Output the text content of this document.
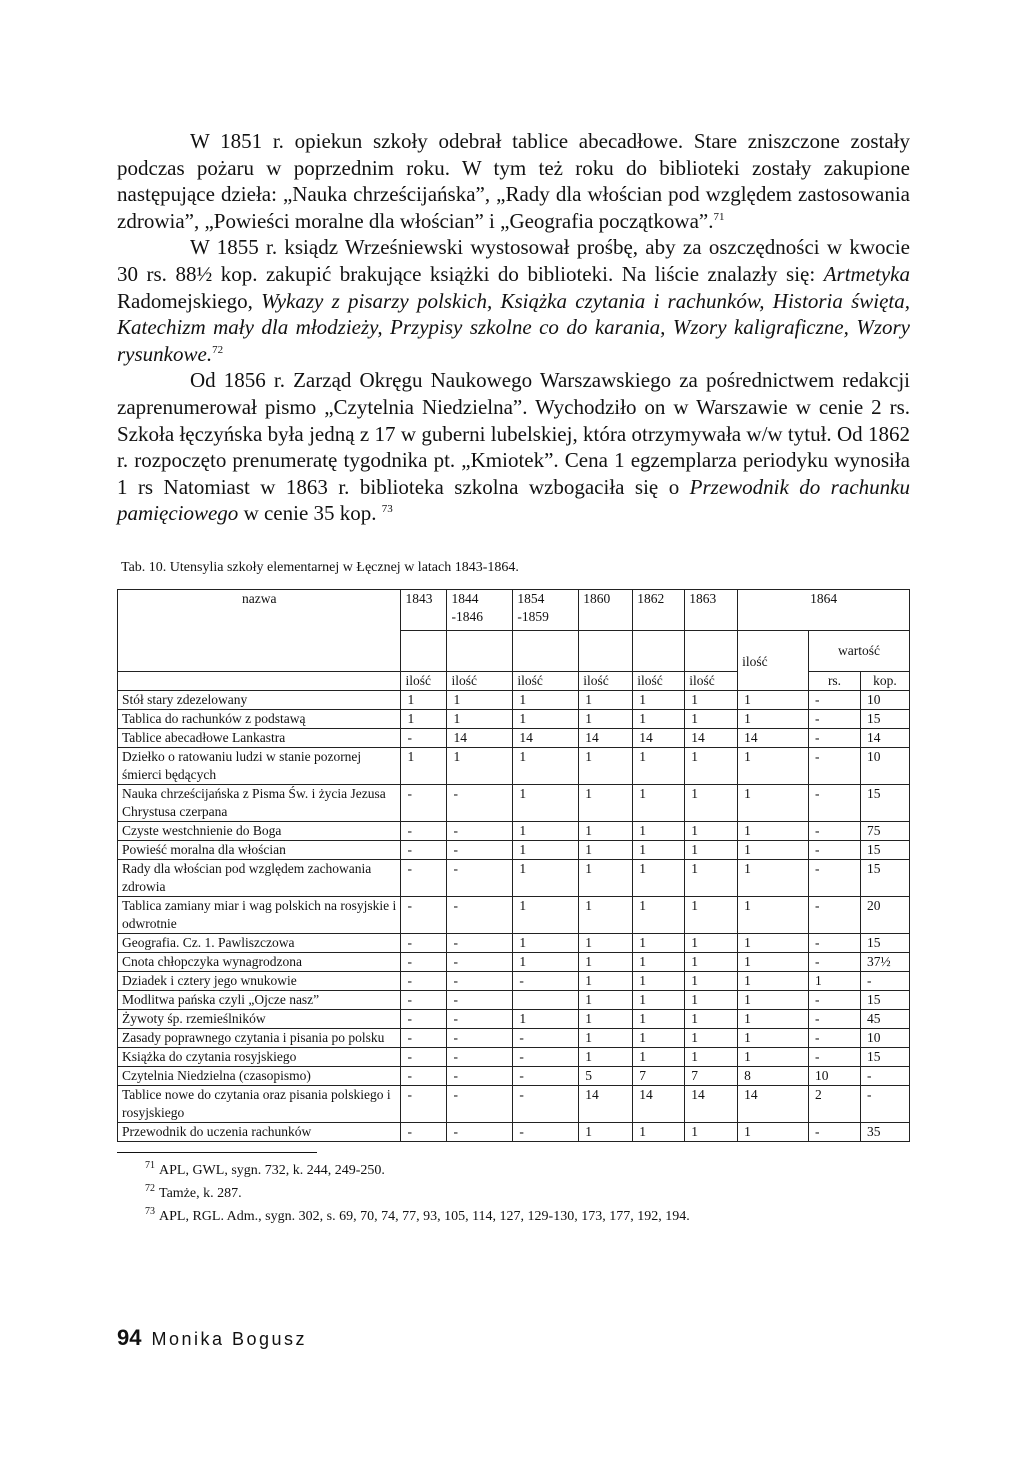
W 1851 r. opiekun szkoły odebrał tablice abecadłowe. Stare zniszczone zostały podczas pożaru w poprzednim roku. W tym też roku do biblioteki zostały zakupione następujące dzieła: „Nauka chrześcijańska”, „Rady dla włościan pod względem zastosowania zdrowia”, „Powieści moralne dla włościan” i „Geografia początkowa”.$^{71}$

W 1855 r. ksiądz Wrześniewski wystosował prośbę, aby za oszczędności w kwocie 30 rs. 88½ kop. zakupić brakujące książki do biblioteki. Na liście znalazły się: Artmetyka Radomejskiego, Wykazy z pisarzy polskich, Książka czytania i rachunków, Historia święta, Katechizm mały dla młodzieży, Przypisy szkolne co do karania, Wzory kaligraficzne, Wzory rysunkowe.$^{72}$

Od 1856 r. Zarząd Okręgu Naukowego Warszawskiego za pośrednictwem redakcji zaprenumerował pismo „Czytelnia Niedzielna”. Wychodziło on w Warszawie w cenie 2 rs. Szkoła łęczyńska była jedną z 17 w guberni lubelskiej, która otrzymywała w/w tytuł. Od 1862 r. rozpoczęto prenumeratę tygodnika pt. „Kmiotek”. Cena 1 egzemplarza periodyku wynosiła 1 rs Natomiast w 1863 r. biblioteka szkolna wzbogaciła się o Przewodnik do rachunku pamięciowego w cenie 35 kop. $^{73}$

Tab. 10. Utensylia szkoły elementarnej w Łęcznej w latach 1843-1864.
nazwa	1843	1844 -1846	1854 -1859	1860	1862	1863	1864		
							ilość	wartość	
	ilość	ilość	ilość	ilość	ilość	ilość		rs.	kop.
Stół stary zdezelowany	1	1	1	1	1	1	1	-	10
Tablica do rachunków z podstawą	1	1	1	1	1	1	1	-	15
Tablice abecadłowe Lankastra	-	14	14	14	14	14	14	-	14
Dziełko o ratowaniu ludzi w stanie pozornej śmierci będących	1	1	1	1	1	1	1	-	10
Nauka chrześcijańska z Pisma Św. i życia Jezusa Chrystusa czerpana	-	-	1	1	1	1	1	-	15
Czyste westchnienie do Boga	-	-	1	1	1	1	1	-	75
Powieść moralna dla włościan	-	-	1	1	1	1	1	-	15
Rady dla włościan pod względem zachowania zdrowia	-	-	1	1	1	1	1	-	15
Tablica zamiany miar i wag polskich na rosyjskie i odwrotnie	-	-	1	1	1	1	1	-	20
Geografia. Cz. 1. Pawliszczowa	-	-	1	1	1	1	1	-	15
Cnota chłopczyka wynagrodzona	-	-	1	1	1	1	1	-	37½
Dziadek i cztery jego wnukowie	-	-	-	1	1	1	1	1	-
Modlitwa pańska czyli „Ojcze nasz”	-	-		1	1	1	1	-	15
Żywoty śp. rzemieślników	-	-	1	1	1	1	1	-	45
Zasady poprawnego czytania i pisania po polsku	-	-	-	1	1	1	1	-	10
Książka do czytania rosyjskiego	-	-	-	1	1	1	1	-	15
Czytelnia Niedzielna (czasopismo)	-	-	-	5	7	7	8	10	-
Tablice nowe do czytania oraz pisania polskiego i rosyjskiego	-	-	-	14	14	14	14	2	-
Przewodnik do uczenia rachunków	-	-	-	1	1	1	1	-	35
$^{71}$ APL, GWL, sygn. 732, k. 244, 249-250.
$^{72}$ Tamże, k. 287.
$^{73}$ APL, RGL. Adm., sygn. 302, s. 69, 70, 74, 77, 93, 105, 114, 127, 129-130, 173, 177, 192, 194.
94 Monika Bogusz
